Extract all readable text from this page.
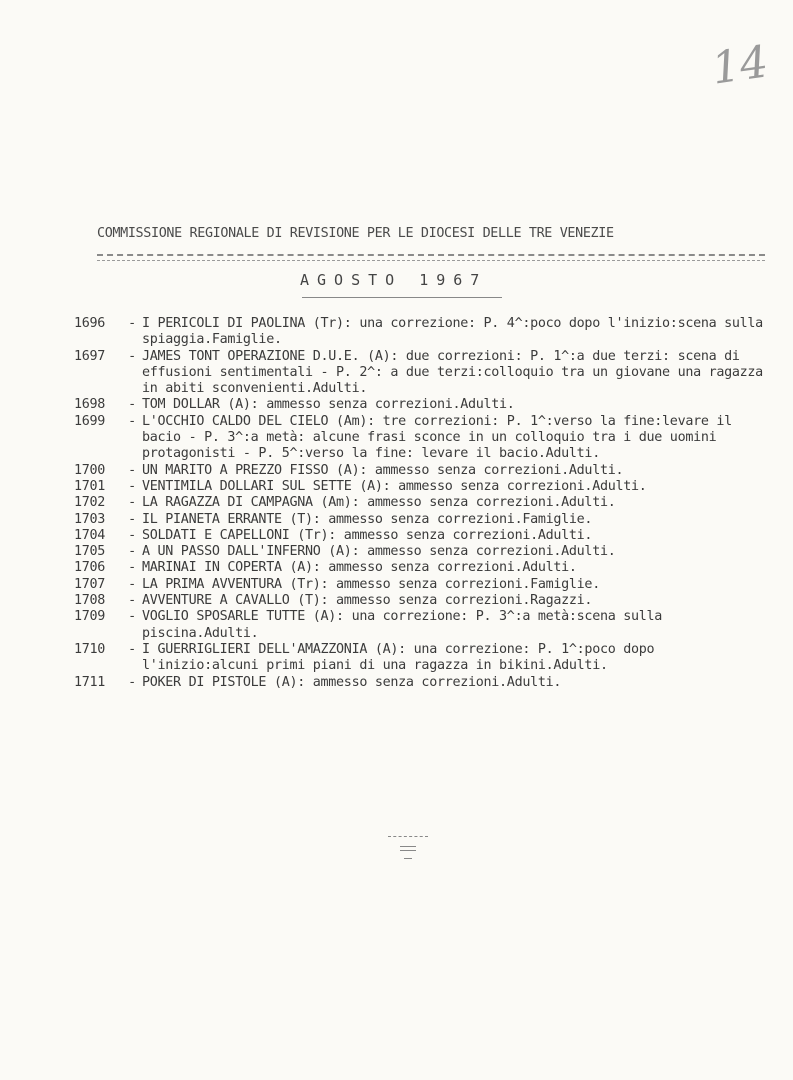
14
COMMISSIONE REGIONALE DI REVISIONE PER LE DIOCESI DELLE TRE VENEZIE
AGOSTO 1967
1696	- I PERICOLI DI PAOLINA (Tr): una correzione: P. 4^:poco dopo l'inizio:scena sulla spiaggia.Famiglie.
1697	- JAMES TONT OPERAZIONE D.U.E. (A): due correzioni: P. 1^:a due terzi: scena di effusioni sentimentali - P. 2^: a due terzi:colloquio tra un giovane una ragazza in abiti sconvenienti.Adulti.
1698	- TOM DOLLAR (A): ammesso senza correzioni.Adulti.
1699	- L'OCCHIO CALDO DEL CIELO (Am): tre correzioni: P. 1^:verso la fine:levare il bacio - P. 3^:a metà: alcune frasi sconce in un colloquio tra i due uomini protagonisti - P. 5^:verso la fine: levare il bacio.Adulti.
1700	- UN MARITO A PREZZO FISSO (A): ammesso senza correzioni.Adulti.
1701	- VENTIMILA DOLLARI SUL SETTE (A): ammesso senza correzioni.Adulti.
1702	- LA RAGAZZA DI CAMPAGNA (Am): ammesso senza correzioni.Adulti.
1703	- IL PIANETA ERRANTE (T): ammesso senza correzioni.Famiglie.
1704	- SOLDATI E CAPELLONI (Tr): ammesso senza correzioni.Adulti.
1705	- A UN PASSO DALL'INFERNO (A): ammesso senza correzioni.Adulti.
1706	- MARINAI IN COPERTA (A): ammesso senza correzioni.Adulti.
1707	- LA PRIMA AVVENTURA (Tr): ammesso senza correzioni.Famiglie.
1708	- AVVENTURE A CAVALLO (T): ammesso senza correzioni.Ragazzi.
1709	- VOGLIO SPOSARLE TUTTE (A): una correzione: P. 3^:a metà:scena sulla piscina.Adulti.
1710	- I GUERRIGLIERI DELL'AMAZZONIA (A): una correzione: P. 1^:poco dopo l'inizio:alcuni primi piani di una ragazza in bikini.Adulti.
1711	- POKER DI PISTOLE (A): ammesso senza correzioni.Adulti.
